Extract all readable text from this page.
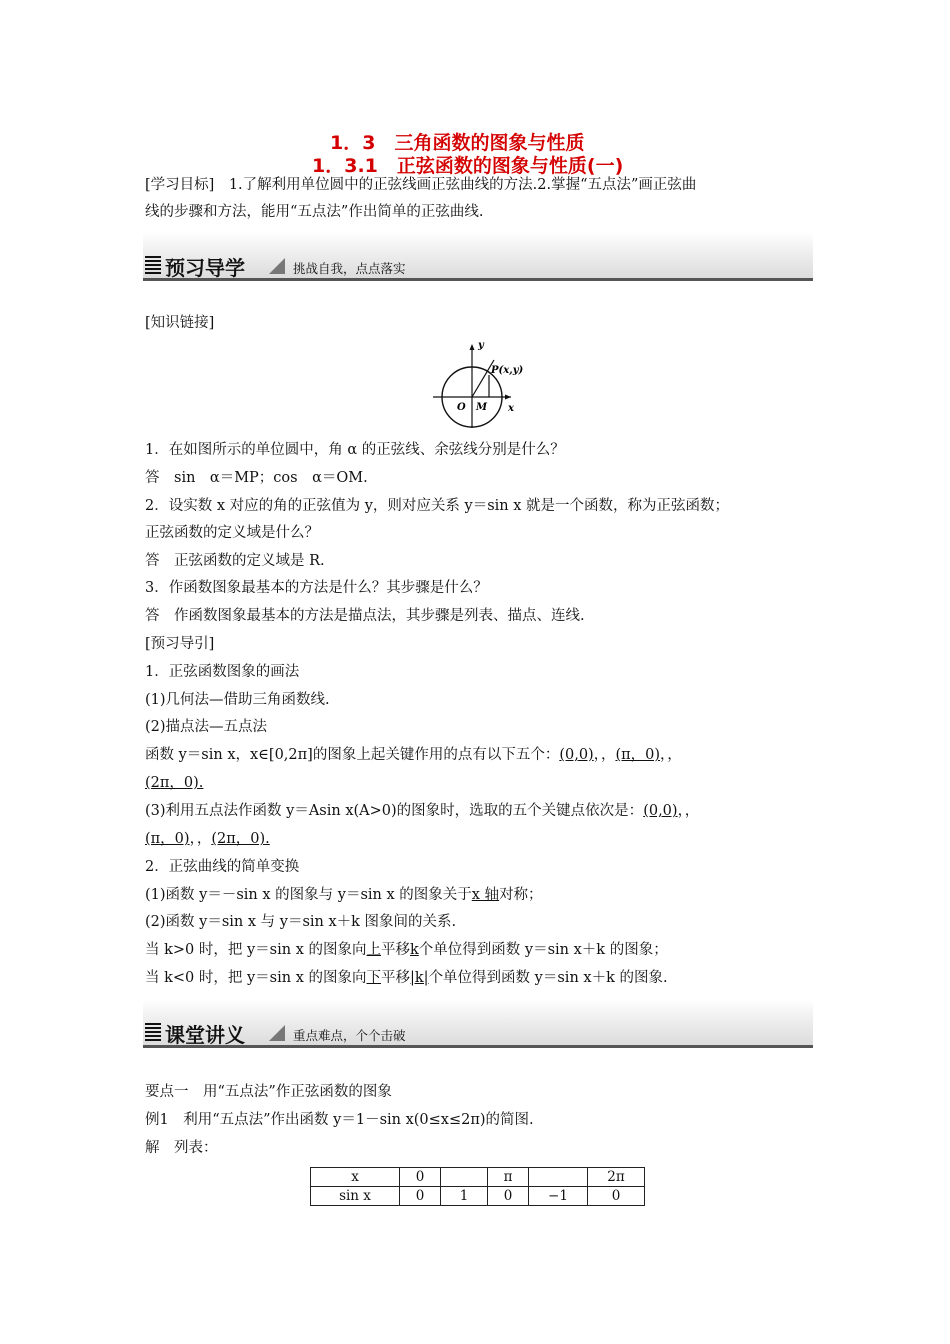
1．3　三角函数的图象与性质
1．3.1　正弦函数的图象与性质(一)
[学习目标]　1.了解利用单位圆中的正弦线画正弦曲线的方法.2.掌握“五点法”画正弦曲
线的步骤和方法，能用“五点法”作出简单的正弦曲线.
预习导学	挑战自我，点点落实
[知识链接]
y
x
P(x,y)
O M
1．在如图所示的单位圆中，角 α 的正弦线、余弦线分别是什么？
答　sin　α＝MP；cos　α＝OM.
2．设实数 x 对应的角的正弦值为 y，则对应关系 y＝sin x 就是一个函数，称为正弦函数；
正弦函数的定义域是什么？
答　正弦函数的定义域是 R.
3．作函数图象最基本的方法是什么？其步骤是什么？
答　作函数图象最基本的方法是描点法，其步骤是列表、描点、连线.
[预习导引]
1．正弦函数图象的画法
(1)几何法—借助三角函数线.
(2)描点法—五点法
函数 y＝sin x，x∈[0,2π]的图象上起关键作用的点有以下五个：(0,0)，，(π，0)，，
(2π，0).
(3)利用五点法作函数 y＝Asin x(A>0)的图象时，选取的五个关键点依次是：(0,0)，，
(π，0)，，(2π，0).
2．正弦曲线的简单变换
(1)函数 y＝－sin x 的图象与 y＝sin x 的图象关于x 轴对称；
(2)函数 y＝sin x 与 y＝sin x＋k 图象间的关系.
当 k>0 时，把 y＝sin x 的图象向上平移k个单位得到函数 y＝sin x＋k 的图象；
当 k<0 时，把 y＝sin x 的图象向下平移|k|个单位得到函数 y＝sin x＋k 的图象.
课堂讲义	重点难点，个个击破
要点一　用“五点法”作正弦函数的图象
例1　利用“五点法”作出函数 y＝1－sin x(0≤x≤2π)的简图.
解　列表：
x	0		π		2π
sin x	0	1	0	−1	0
